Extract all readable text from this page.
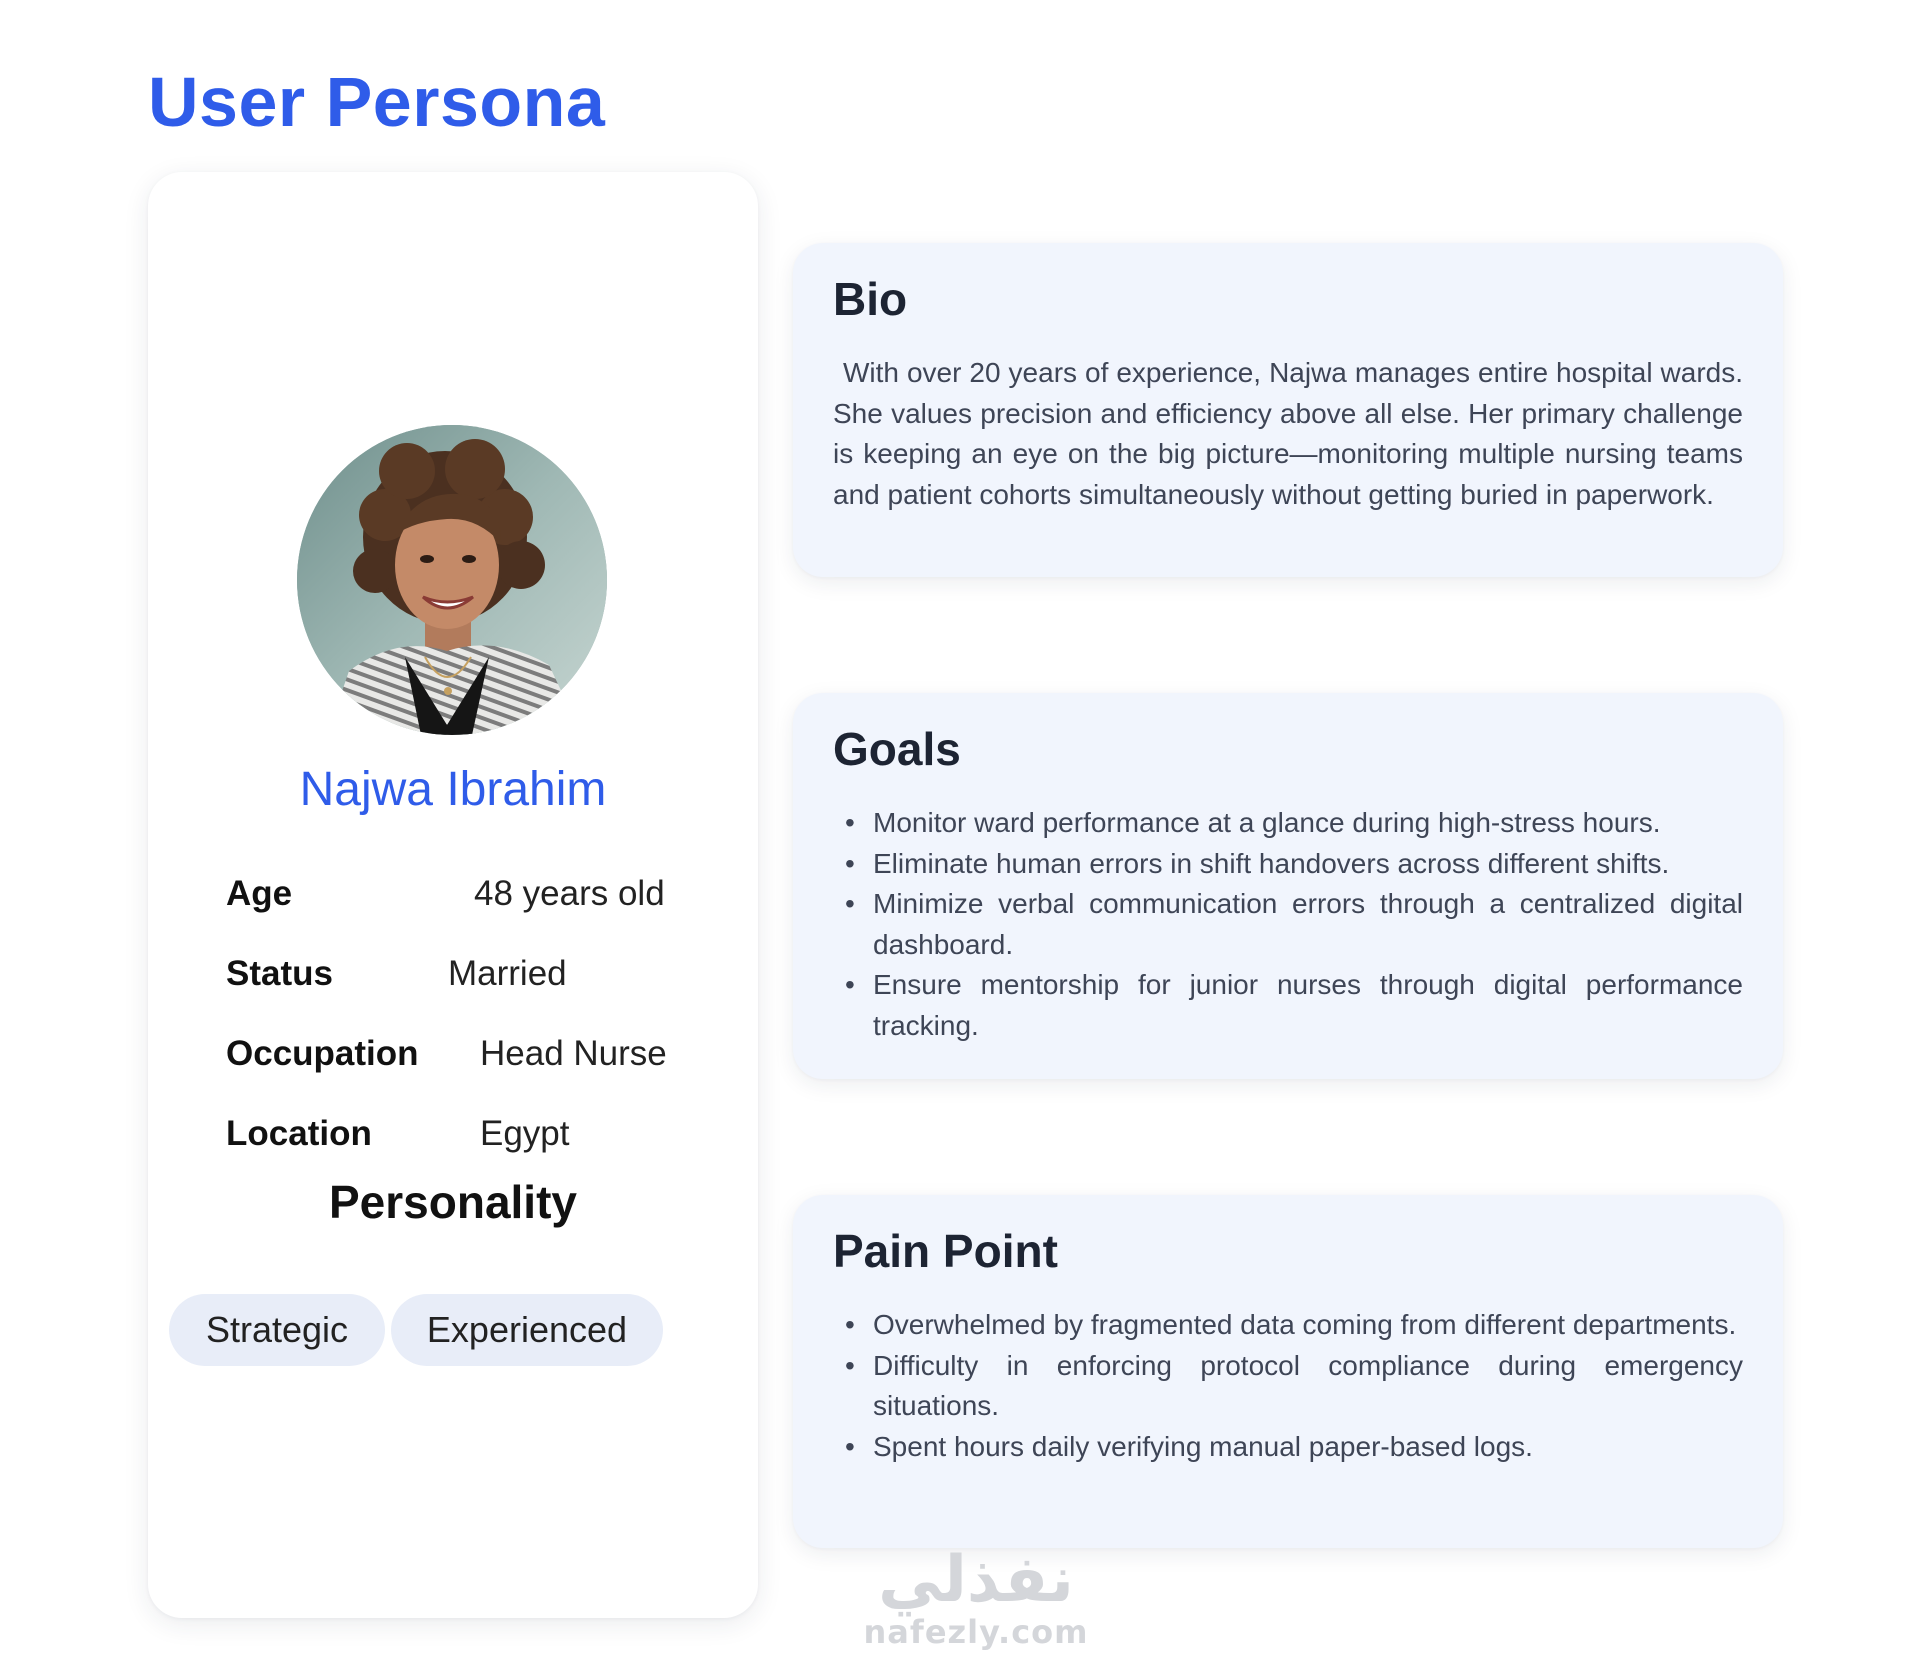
User Persona
Najwa Ibrahim
Age	48 years old
Status	Married
Occupation Head Nurse
Location	Egypt
Personality
Strategic	Experienced
Bio

With over 20 years of experience, Najwa manages entire hospital wards. She values precision and efficiency above all else. Her primary challenge is keeping an eye on the big picture—monitoring multiple nursing teams and patient cohorts simultaneously without getting buried in paperwork.

Goals
• Monitor ward performance at a glance during high-stress hours.
• Eliminate human errors in shift handovers across different shifts.
• Minimize verbal communication errors through a centralized digital dashboard.
• Ensure mentorship for junior nurses through digital performance tracking.
Pain Point
• Overwhelmed by fragmented data coming from different departments.
• Difficulty in enforcing protocol compliance during emergency situations.
• Spent hours daily verifying manual paper-based logs.
نفذلي
nafezly.com
